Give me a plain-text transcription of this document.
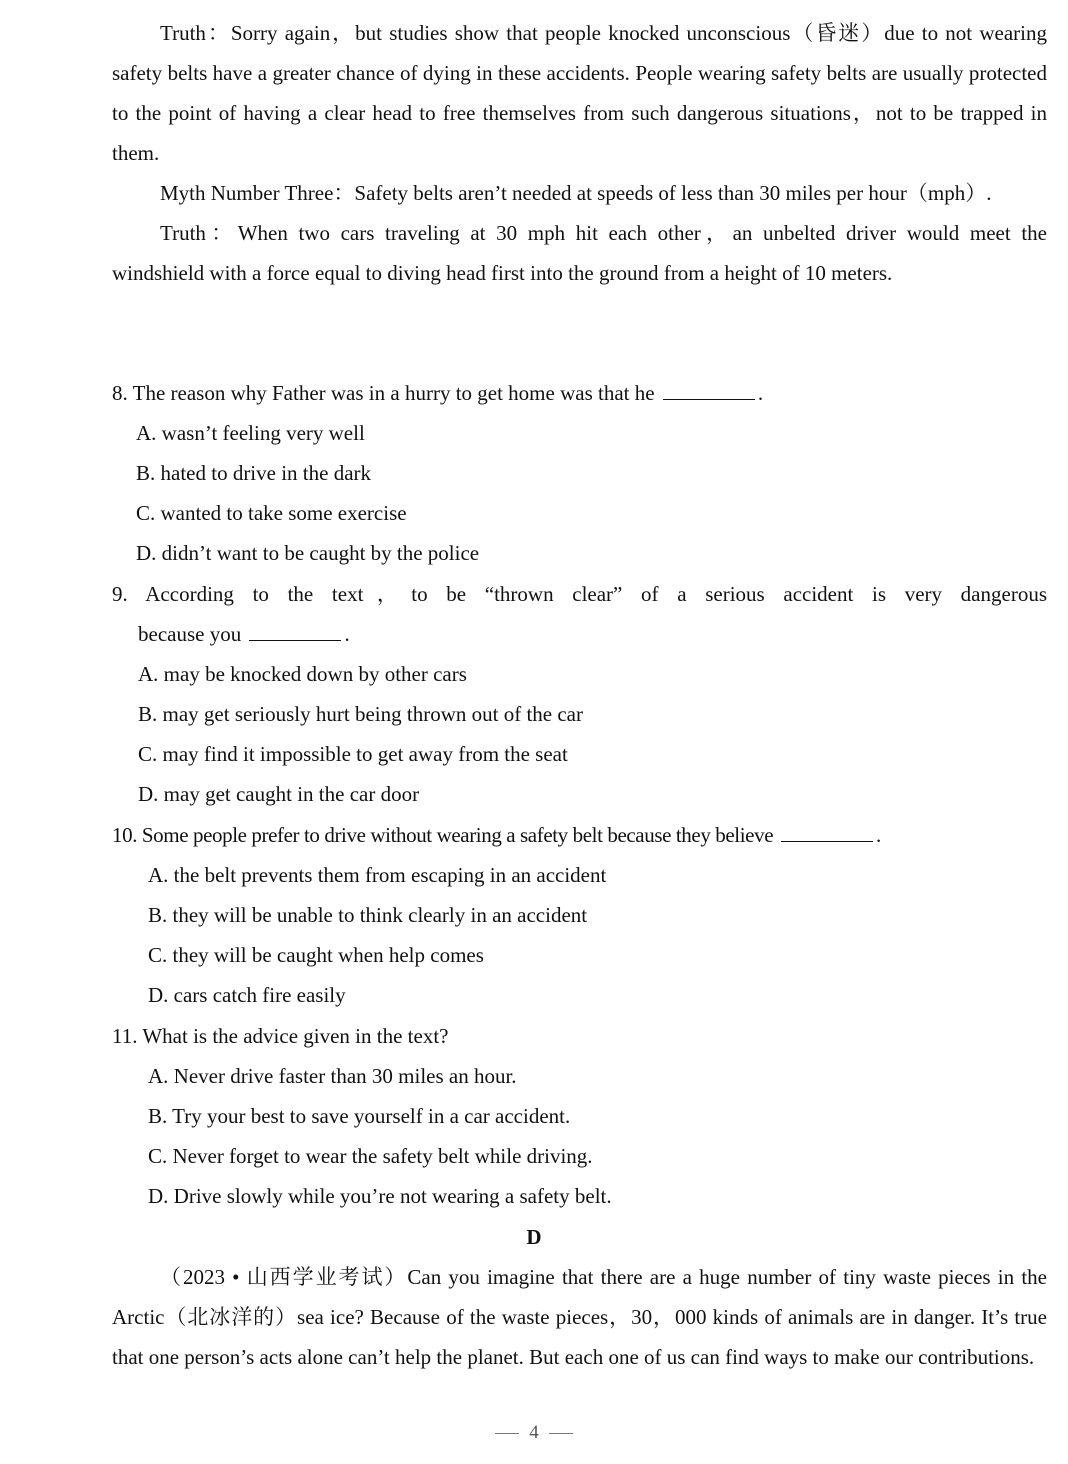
Truth：Sorry again，but studies show that people knocked unconscious（昏迷）due to not wearing safety belts have a greater chance of dying in these accidents. People wearing safety belts are usually protected to the point of having a clear head to free themselves from such dangerous situations，not to be trapped in them.

Myth Number Three：Safety belts aren’t needed at speeds of less than 30 miles per hour（mph）.

Truth：When two cars traveling at 30 mph hit each other，an unbelted driver would meet the windshield with a force equal to diving head first into the ground from a height of 10 meters.

8. The reason why Father was in a hurry to get home was that he	.

A. wasn’t feeling very well

B. hated to drive in the dark

C. wanted to take some exercise

D. didn’t want to be caught by the police

9. According to the text，to be “thrown clear” of a serious accident is very dangerous

because you	.

A. may be knocked down by other cars

B. may get seriously hurt being thrown out of the car

C. may find it impossible to get away from the seat

D. may get caught in the car door

10. Some people prefer to drive without wearing a safety belt because they believe	.

A. the belt prevents them from escaping in an accident

B. they will be unable to think clearly in an accident

C. they will be caught when help comes

D. cars catch fire easily

11. What is the advice given in the text?

A. Never drive faster than 30 miles an hour.

B. Try your best to save yourself in a car accident.

C. Never forget to wear the safety belt while driving.

D. Drive slowly while you’re not wearing a safety belt.

D

（2023 • 山西学业考试）Can you imagine that there are a huge number of tiny waste pieces in the Arctic（北冰洋的）sea ice? Because of the waste pieces，30，000 kinds of animals are in danger. It’s true that one person’s acts alone can’t help the planet. But each one of us can find ways to make our contributions.

4
